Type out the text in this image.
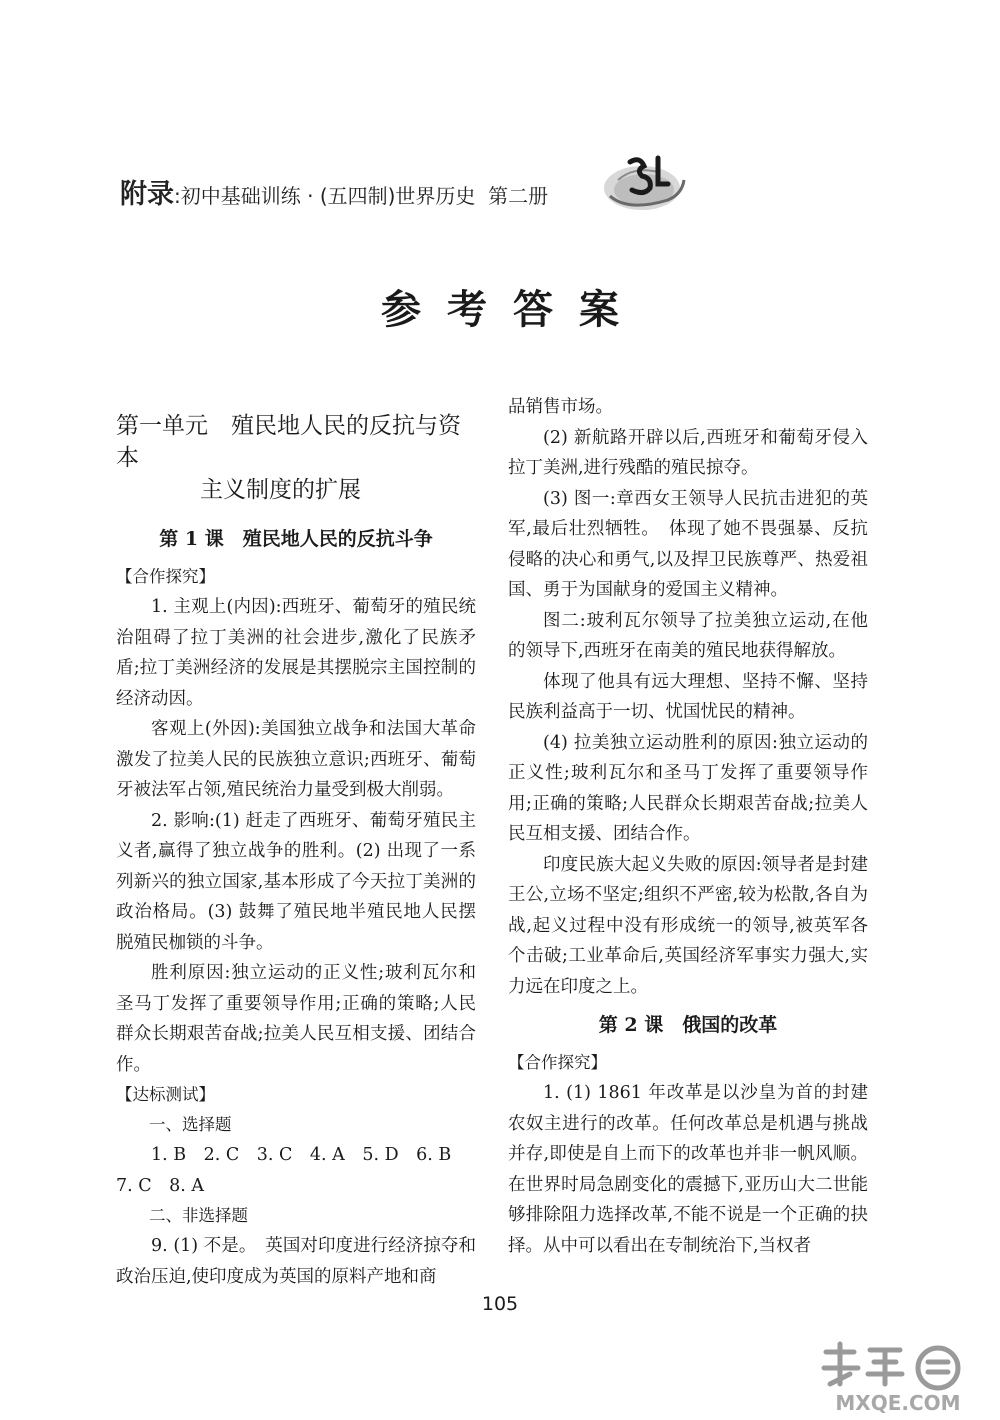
附录:初中基础训练 · (五四制)世界历史 第二册
参考答案
第一单元　殖民地人民的反抗与资本
主义制度的扩展
第 1 课　殖民地人民的反抗斗争
【合作探究】

1. 主观上(内因):西班牙、葡萄牙的殖民统治阻碍了拉丁美洲的社会进步,激化了民族矛盾;拉丁美洲经济的发展是其摆脱宗主国控制的经济动因。

客观上(外因):美国独立战争和法国大革命激发了拉美人民的民族独立意识;西班牙、葡萄牙被法军占领,殖民统治力量受到极大削弱。

2. 影响:(1) 赶走了西班牙、葡萄牙殖民主义者,赢得了独立战争的胜利。(2) 出现了一系列新兴的独立国家,基本形成了今天拉丁美洲的政治格局。(3) 鼓舞了殖民地半殖民地人民摆脱殖民枷锁的斗争。

胜利原因:独立运动的正义性;玻利瓦尔和圣马丁发挥了重要领导作用;正确的策略;人民群众长期艰苦奋战;拉美人民互相支援、团结合作。

【达标测试】
一、选择题

1. B　2. C　3. C　4. A　5. D　6. B

7. C　8. A

二、非选择题

9. (1) 不是。　英国对印度进行经济掠夺和政治压迫,使印度成为英国的原料产地和商

品销售市场。

(2) 新航路开辟以后,西班牙和葡萄牙侵入拉丁美洲,进行残酷的殖民掠夺。

(3) 图一:章西女王领导人民抗击进犯的英军,最后壮烈牺牲。　体现了她不畏强暴、反抗侵略的决心和勇气,以及捍卫民族尊严、热爱祖国、勇于为国献身的爱国主义精神。

图二:玻利瓦尔领导了拉美独立运动,在他的领导下,西班牙在南美的殖民地获得解放。

体现了他具有远大理想、坚持不懈、坚持民族利益高于一切、忧国忧民的精神。

(4) 拉美独立运动胜利的原因:独立运动的正义性;玻利瓦尔和圣马丁发挥了重要领导作用;正确的策略;人民群众长期艰苦奋战;拉美人民互相支援、团结合作。

印度民族大起义失败的原因:领导者是封建王公,立场不坚定;组织不严密,较为松散,各自为战,起义过程中没有形成统一的领导,被英军各个击破;工业革命后,英国经济军事实力强大,实力远在印度之上。

第 2 课　俄国的改革
【合作探究】

1. (1) 1861 年改革是以沙皇为首的封建农奴主进行的改革。任何改革总是机遇与挑战并存,即使是自上而下的改革也并非一帆风顺。在世界时局急剧变化的震撼下,亚历山大二世能够排除阻力选择改革,不能不说是一个正确的抉择。从中可以看出在专制统治下,当权者

105
MXQE.COM
